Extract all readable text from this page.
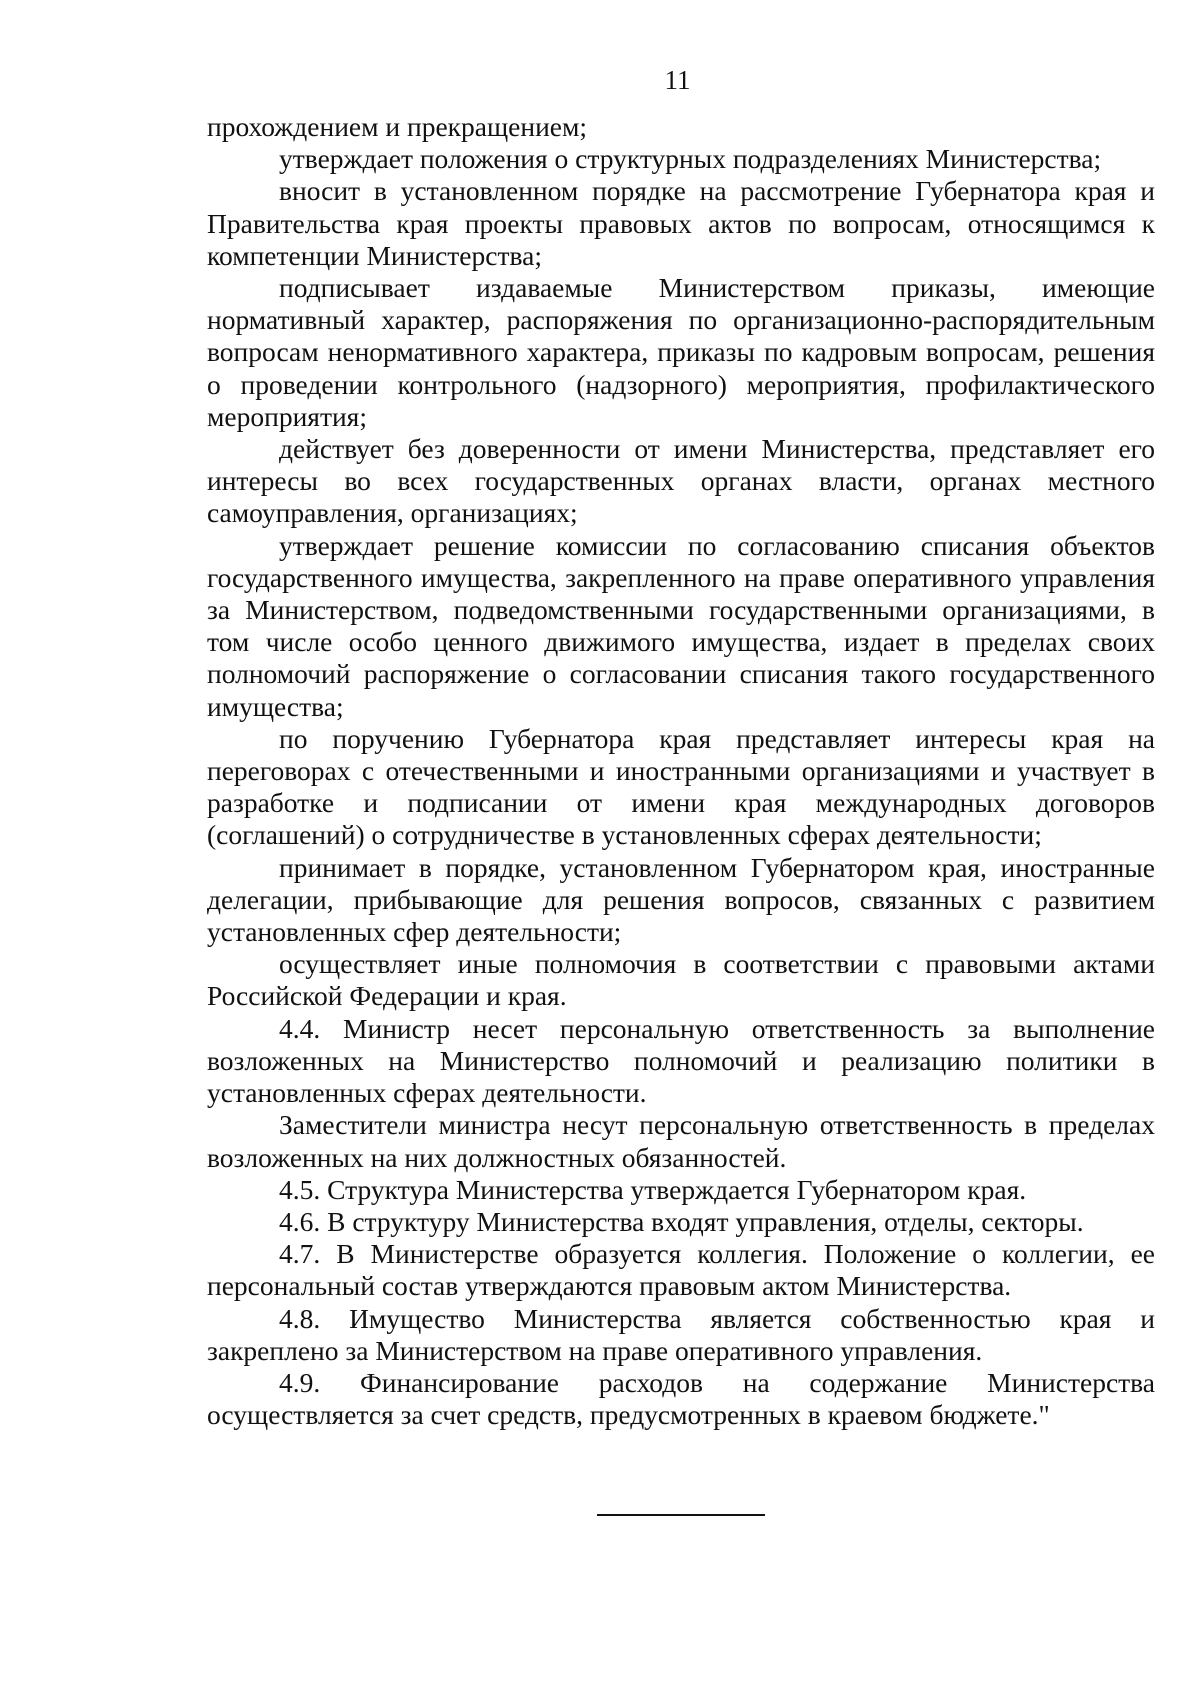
11

прохождением и прекращением;

утверждает положения о структурных подразделениях Министерства;

вносит в установленном порядке на рассмотрение Губернатора края и Правительства края проекты правовых актов по вопросам, относящимся к компетенции Министерства;

подписывает издаваемые Министерством приказы, имеющие нормативный характер, распоряжения по организационно-распорядительным вопросам ненормативного характера, приказы по кадровым вопросам, решения о проведении контрольного (надзорного) мероприятия, профилактического мероприятия;

действует без доверенности от имени Министерства, представляет его интересы во всех государственных органах власти, органах местного самоуправления, организациях;

утверждает решение комиссии по согласованию списания объектов государственного имущества, закрепленного на праве оперативного управления за Министерством, подведомственными государственными организациями, в том числе особо ценного движимого имущества, издает в пределах своих полномочий распоряжение о согласовании списания такого государственного имущества;

по поручению Губернатора края представляет интересы края на переговорах с отечественными и иностранными организациями и участвует в разработке и подписании от имени края международных договоров (соглашений) о сотрудничестве в установленных сферах деятельности;

принимает в порядке, установленном Губернатором края, иностранные делегации, прибывающие для решения вопросов, связанных с развитием установленных сфер деятельности;

осуществляет иные полномочия в соответствии с правовыми актами Российской Федерации и края.

4.4. Министр несет персональную ответственность за выполнение возложенных на Министерство полномочий и реализацию политики в установленных сферах деятельности.

Заместители министра несут персональную ответственность в пределах возложенных на них должностных обязанностей.

4.5. Структура Министерства утверждается Губернатором края.

4.6. В структуру Министерства входят управления, отделы, секторы.

4.7. В Министерстве образуется коллегия. Положение о коллегии, ее персональный состав утверждаются правовым актом Министерства.

4.8. Имущество Министерства является собственностью края и закреплено за Министерством на праве оперативного управления.

4.9. Финансирование расходов на содержание Министерства осуществляется за счет средств, предусмотренных в краевом бюджете."
